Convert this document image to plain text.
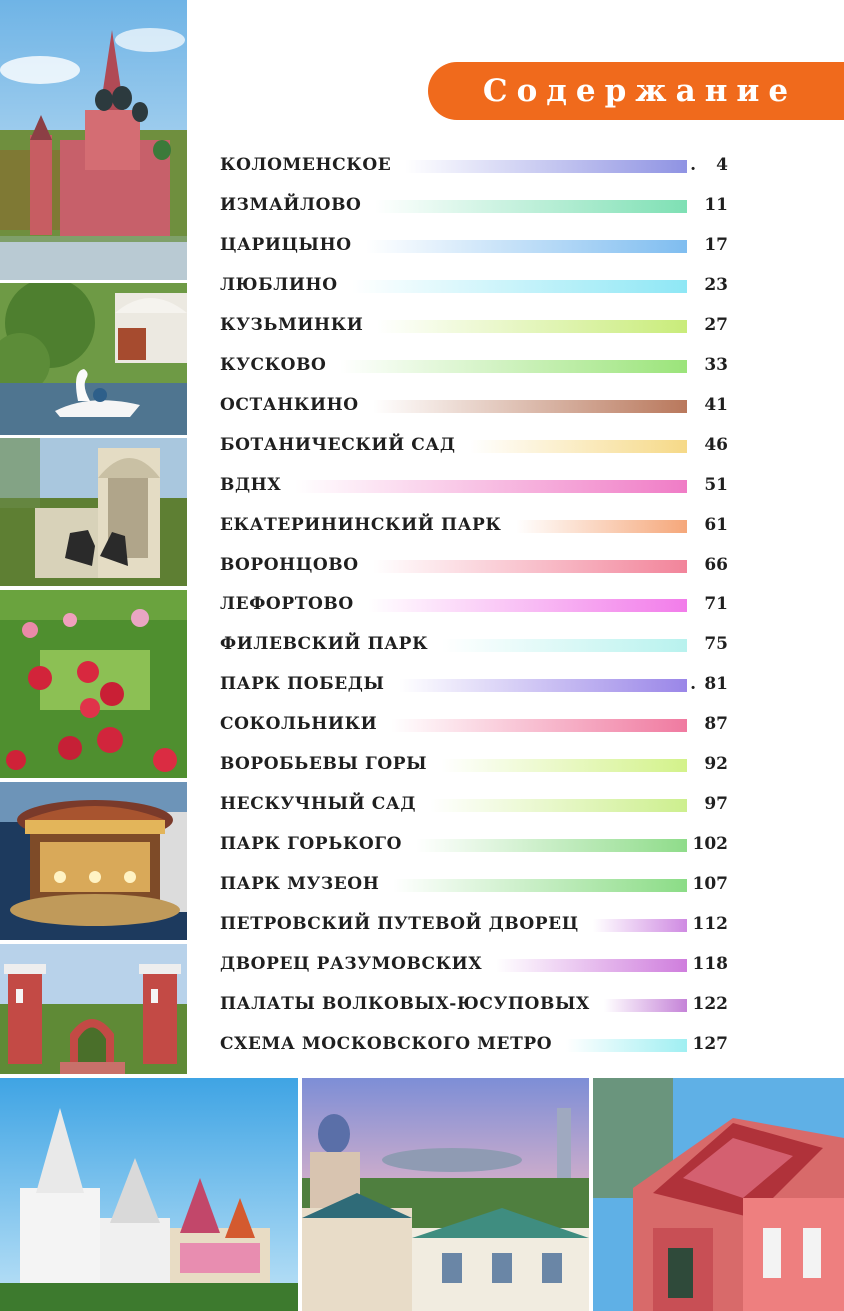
Содержание
КОЛОМЕНСКОЕ	.	4
ИЗМАЙЛОВО	11
ЦАРИЦЫНО	17
ЛЮБЛИНО	23
КУЗЬМИНКИ	27
КУСКОВО	33
ОСТАНКИНО	41
БОТАНИЧЕСКИЙ САД	46
ВДНХ	51
ЕКАТЕРИНИНСКИЙ ПАРК	61
ВОРОНЦОВО	66
ЛЕФОРТОВО	71
ФИЛЕВСКИЙ ПАРК	75
ПАРК ПОБЕДЫ	. 81
СОКОЛЬНИКИ	87
ВОРОБЬЕВЫ ГОРЫ	92
НЕСКУЧНЫЙ САД	97
ПАРК ГОРЬКОГО	102
ПАРК МУЗЕОН	107
ПЕТРОВСКИЙ ПУТЕВОЙ ДВОРЕЦ	112
ДВОРЕЦ РАЗУМОВСКИХ	118
ПАЛАТЫ ВОЛКОВЫХ-ЮСУПОВЫХ	122
СХЕМА МОСКОВСКОГО МЕТРО	127
